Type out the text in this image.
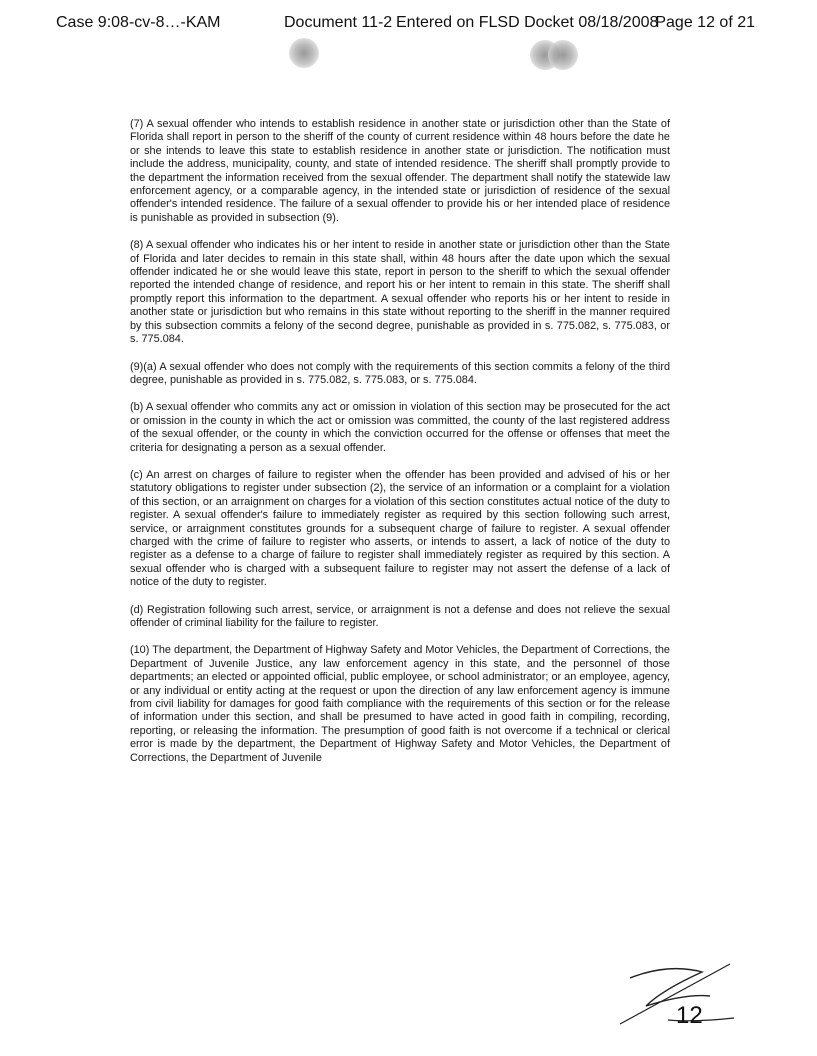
Case 9:08-cv-8…-KAM	Document 11-2 Entered on FLSD Docket 08/18/2008
Page 12 of 21

(7) A sexual offender who intends to establish residence in another state or jurisdiction other than the State of Florida shall report in person to the sheriff of the county of current residence within 48 hours before the date he or she intends to leave this state to establish residence in another state or jurisdiction. The notification must include the address, municipality, county, and state of intended residence. The sheriff shall promptly provide to the department the information received from the sexual offender. The department shall notify the statewide law enforcement agency, or a comparable agency, in the intended state or jurisdiction of residence of the sexual offender's intended residence. The failure of a sexual offender to provide his or her intended place of residence is punishable as provided in subsection (9).

(8) A sexual offender who indicates his or her intent to reside in another state or jurisdiction other than the State of Florida and later decides to remain in this state shall, within 48 hours after the date upon which the sexual offender indicated he or she would leave this state, report in person to the sheriff to which the sexual offender reported the intended change of residence, and report his or her intent to remain in this state. The sheriff shall promptly report this information to the department. A sexual offender who reports his or her intent to reside in another state or jurisdiction but who remains in this state without reporting to the sheriff in the manner required by this subsection commits a felony of the second degree, punishable as provided in s. 775.082, s. 775.083, or s. 775.084.

(9)(a) A sexual offender who does not comply with the requirements of this section commits a felony of the third degree, punishable as provided in s. 775.082, s. 775.083, or s. 775.084.

(b) A sexual offender who commits any act or omission in violation of this section may be prosecuted for the act or omission in the county in which the act or omission was committed, the county of the last registered address of the sexual offender, or the county in which the conviction occurred for the offense or offenses that meet the criteria for designating a person as a sexual offender.

(c) An arrest on charges of failure to register when the offender has been provided and advised of his or her statutory obligations to register under subsection (2), the service of an information or a complaint for a violation of this section, or an arraignment on charges for a violation of this section constitutes actual notice of the duty to register. A sexual offender's failure to immediately register as required by this section following such arrest, service, or arraignment constitutes grounds for a subsequent charge of failure to register. A sexual offender charged with the crime of failure to register who asserts, or intends to assert, a lack of notice of the duty to register as a defense to a charge of failure to register shall immediately register as required by this section. A sexual offender who is charged with a subsequent failure to register may not assert the defense of a lack of notice of the duty to register.

(d) Registration following such arrest, service, or arraignment is not a defense and does not relieve the sexual offender of criminal liability for the failure to register.

(10) The department, the Department of Highway Safety and Motor Vehicles, the Department of Corrections, the Department of Juvenile Justice, any law enforcement agency in this state, and the personnel of those departments; an elected or appointed official, public employee, or school administrator; or an employee, agency, or any individual or entity acting at the request or upon the direction of any law enforcement agency is immune from civil liability for damages for good faith compliance with the requirements of this section or for the release of information under this section, and shall be presumed to have acted in good faith in compiling, recording, reporting, or releasing the information. The presumption of good faith is not overcome if a technical or clerical error is made by the department, the Department of Highway Safety and Motor Vehicles, the Department of Corrections, the Department of Juvenile

12
